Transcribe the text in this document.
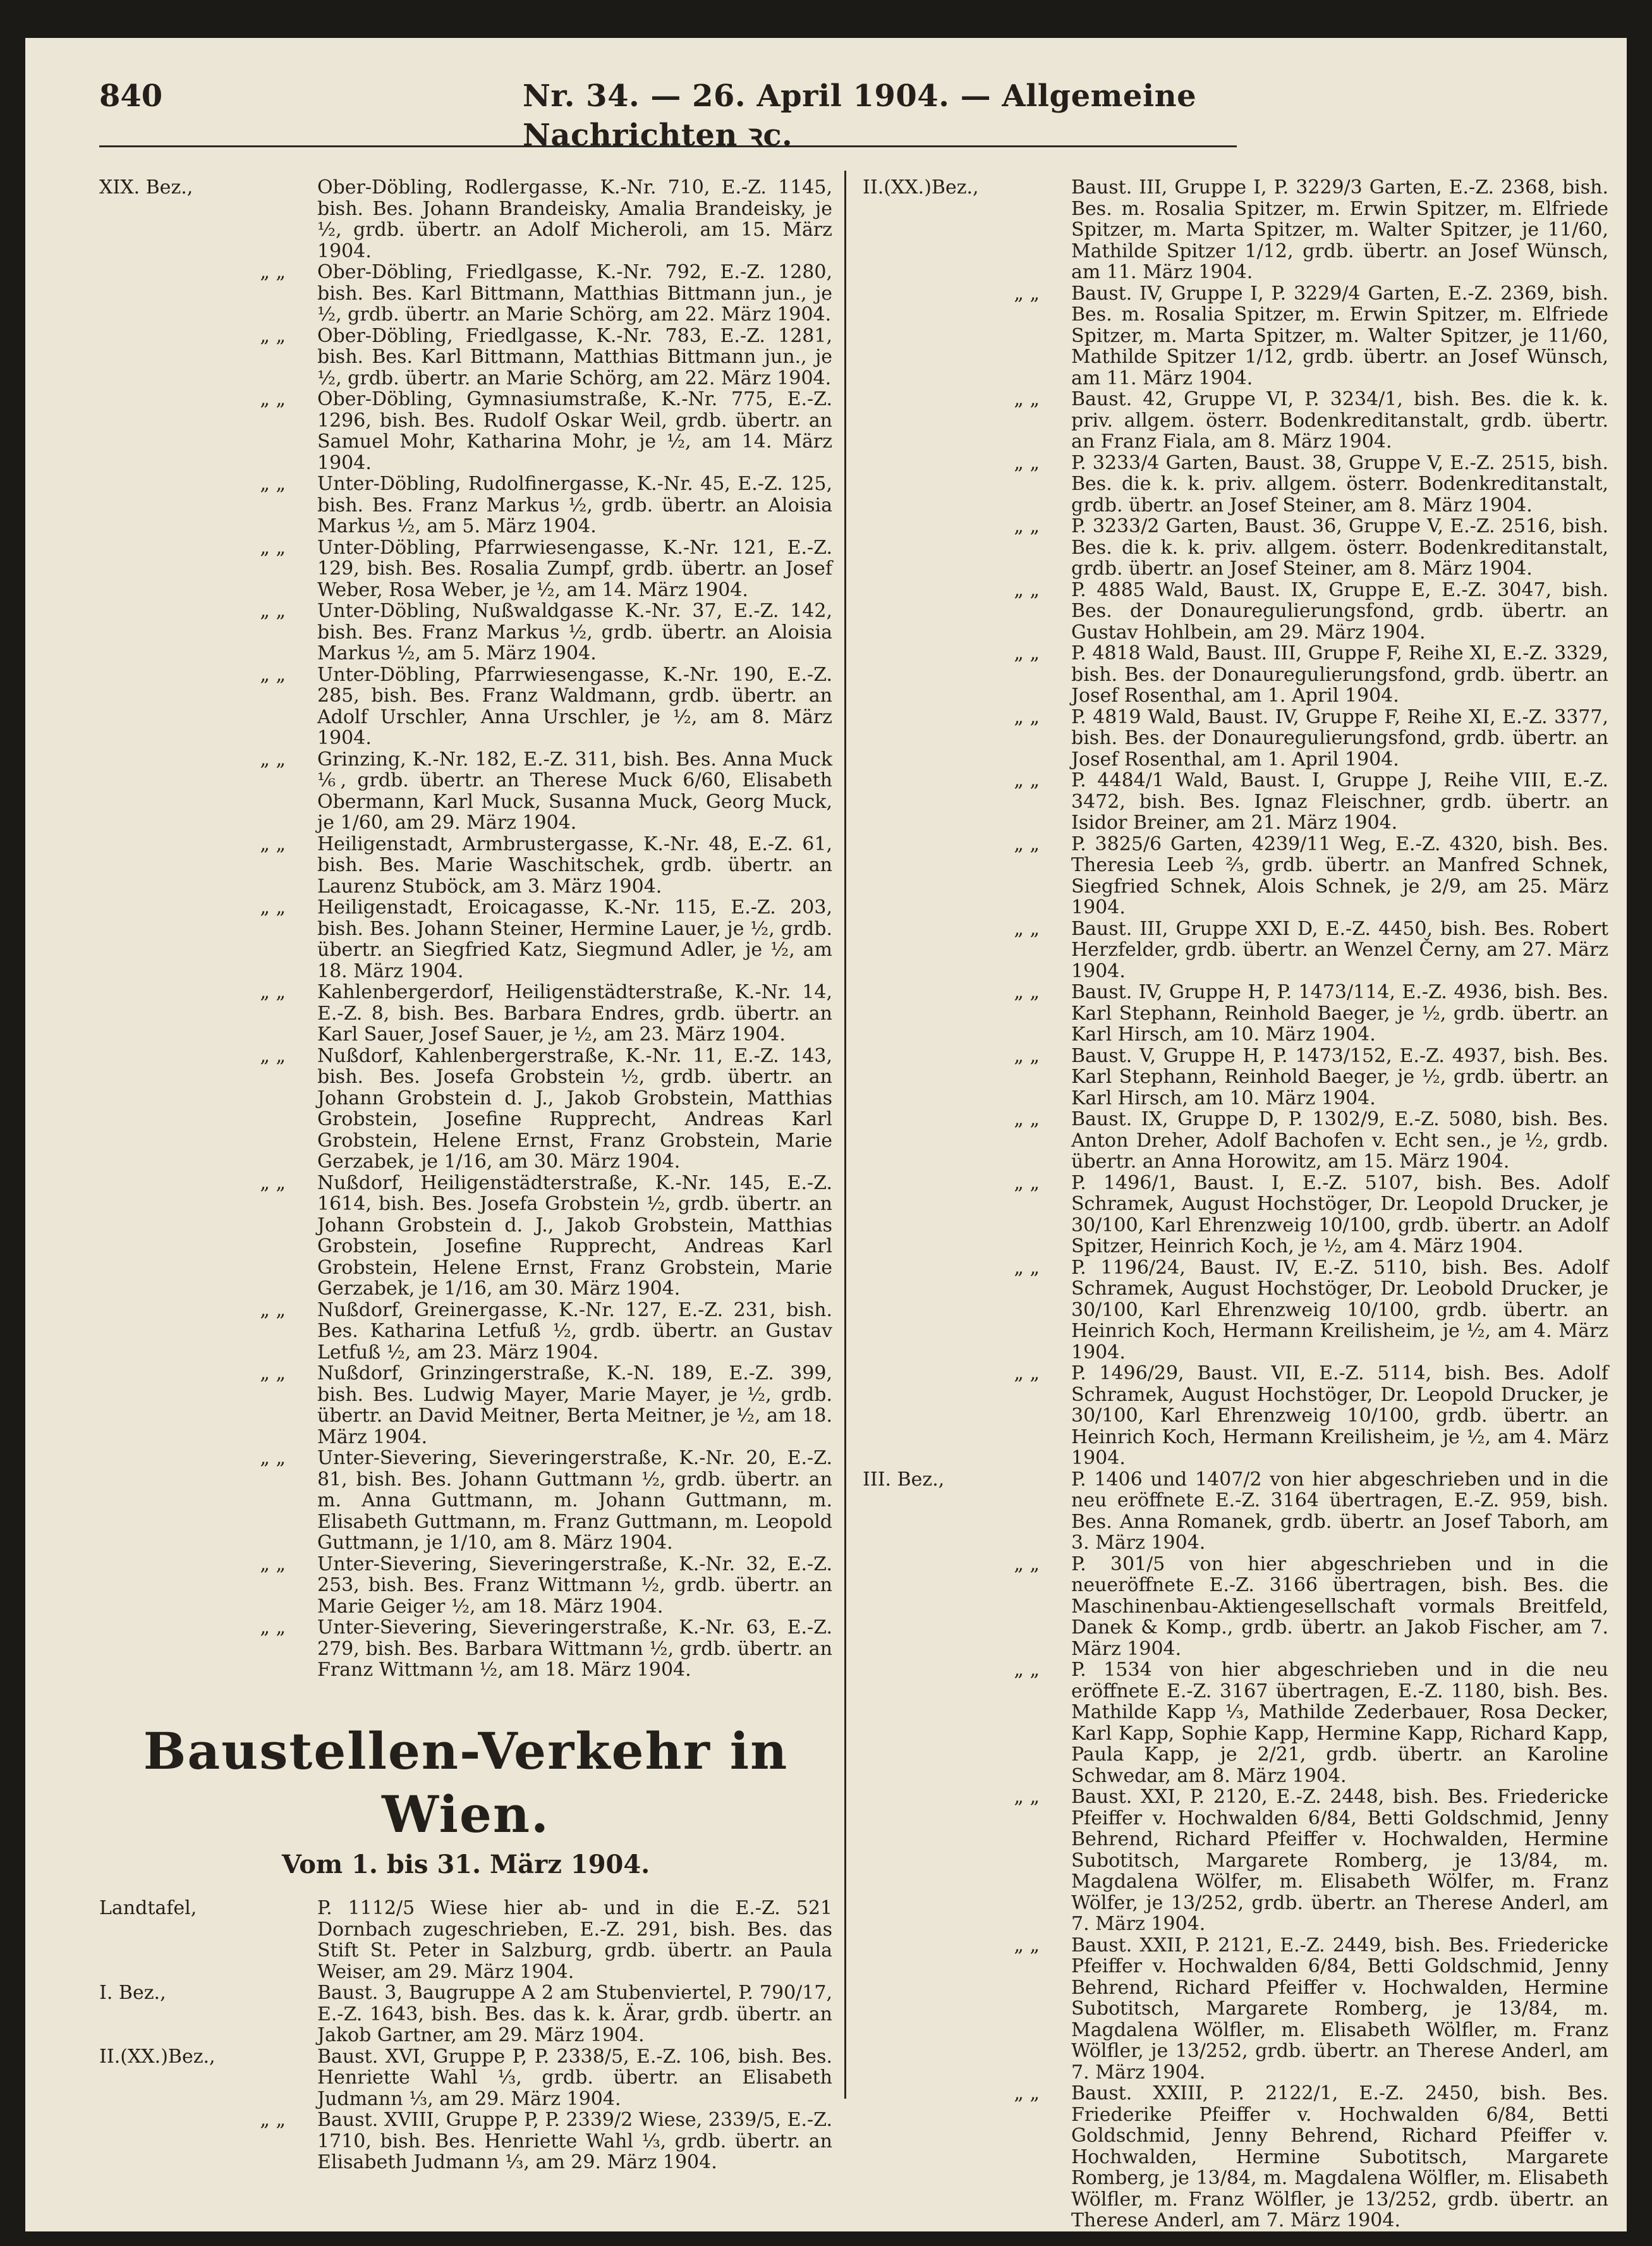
840	Nr. 34. — 26. April 1904. — Allgemeine Nachrichten ꝛc.

XIX. Bez.,	Ober-Döbling, Rodlergasse, K.-Nr. 710, E.-Z. 1145, bish. Bes. Johann Brandeisky, Amalia Brandeisky, je ½, grdb. übertr. an Adolf Micheroli, am 15. März 1904.

„ „	Ober-Döbling, Friedlgasse, K.-Nr. 792, E.-Z. 1280, bish. Bes. Karl Bittmann, Matthias Bittmann jun., je ½, grdb. übertr. an Marie Schörg, am 22. März 1904.

„ „	Ober-Döbling, Friedlgasse, K.-Nr. 783, E.-Z. 1281, bish. Bes. Karl Bittmann, Matthias Bittmann jun., je ½, grdb. übertr. an Marie Schörg, am 22. März 1904.

„ „	Ober-Döbling, Gymnasiumstraße, K.-Nr. 775, E.-Z. 1296, bish. Bes. Rudolf Oskar Weil, grdb. übertr. an Samuel Mohr, Katharina Mohr, je ½, am 14. März 1904.

„ „	Unter-Döbling, Rudolfinergasse, K.-Nr. 45, E.-Z. 125, bish. Bes. Franz Markus ½, grdb. übertr. an Aloisia Markus ½, am 5. März 1904.

„ „	Unter-Döbling, Pfarrwiesengasse, K.-Nr. 121, E.-Z. 129, bish. Bes. Rosalia Zumpf, grdb. übertr. an Josef Weber, Rosa Weber, je ½, am 14. März 1904.

„ „	Unter-Döbling, Nußwaldgasse K.-Nr. 37, E.-Z. 142, bish. Bes. Franz Markus ½, grdb. übertr. an Aloisia Markus ½, am 5. März 1904.

„ „	Unter-Döbling, Pfarrwiesengasse, K.-Nr. 190, E.-Z. 285, bish. Bes. Franz Waldmann, grdb. übertr. an Adolf Urschler, Anna Urschler, je ½, am 8. März 1904.

„ „	Grinzing, K.-Nr. 182, E.-Z. 311, bish. Bes. Anna Muck ⅙, grdb. übertr. an Therese Muck 6/60, Elisabeth Obermann, Karl Muck, Susanna Muck, Georg Muck, je 1/60, am 29. März 1904.

„ „	Heiligenstadt, Armbrustergasse, K.-Nr. 48, E.-Z. 61, bish. Bes. Marie Waschitschek, grdb. übertr. an Laurenz Stuböck, am 3. März 1904.

„ „	Heiligenstadt, Eroicagasse, K.-Nr. 115, E.-Z. 203, bish. Bes. Johann Steiner, Hermine Lauer, je ½, grdb. übertr. an Siegfried Katz, Siegmund Adler, je ½, am 18. März 1904.

„ „	Kahlenbergerdorf, Heiligenstädterstraße, K.-Nr. 14, E.-Z. 8, bish. Bes. Barbara Endres, grdb. übertr. an Karl Sauer, Josef Sauer, je ½, am 23. März 1904.

„ „	Nußdorf, Kahlenbergerstraße, K.-Nr. 11, E.-Z. 143, bish. Bes. Josefa Grobstein ½, grdb. übertr. an Johann Grobstein d. J., Jakob Grobstein, Matthias Grobstein, Josefine Rupprecht, Andreas Karl Grobstein, Helene Ernst, Franz Grobstein, Marie Gerzabek, je 1/16, am 30. März 1904.

„ „	Nußdorf, Heiligenstädterstraße, K.-Nr. 145, E.-Z. 1614, bish. Bes. Josefa Grobstein ½, grdb. übertr. an Johann Grobstein d. J., Jakob Grobstein, Matthias Grobstein, Josefine Rupprecht, Andreas Karl Grobstein, Helene Ernst, Franz Grobstein, Marie Gerzabek, je 1/16, am 30. März 1904.

„ „	Nußdorf, Greinergasse, K.-Nr. 127, E.-Z. 231, bish. Bes. Katharina Letfuß ½, grdb. übertr. an Gustav Letfuß ½, am 23. März 1904.

„ „	Nußdorf, Grinzingerstraße, K.-N. 189, E.-Z. 399, bish. Bes. Ludwig Mayer, Marie Mayer, je ½, grdb. übertr. an David Meitner, Berta Meitner, je ½, am 18. März 1904.

„ „	Unter-Sievering, Sieveringerstraße, K.-Nr. 20, E.-Z. 81, bish. Bes. Johann Guttmann ½, grdb. übertr. an m. Anna Guttmann, m. Johann Guttmann, m. Elisabeth Guttmann, m. Franz Guttmann, m. Leopold Guttmann, je 1/10, am 8. März 1904.

„ „	Unter-Sievering, Sieveringerstraße, K.-Nr. 32, E.-Z. 253, bish. Bes. Franz Wittmann ½, grdb. übertr. an Marie Geiger ½, am 18. März 1904.

„ „	Unter-Sievering, Sieveringerstraße, K.-Nr. 63, E.-Z. 279, bish. Bes. Barbara Wittmann ½, grdb. übertr. an Franz Wittmann ½, am 18. März 1904.

Baustellen-Verkehr in Wien.
Vom 1. bis 31. März 1904.

Landtafel,	P. 1112/5 Wiese hier ab- und in die E.-Z. 521 Dornbach zugeschrieben, E.-Z. 291, bish. Bes. das Stift St. Peter in Salzburg, grdb. übertr. an Paula Weiser, am 29. März 1904.

I. Bez.,	Baust. 3, Baugruppe A 2 am Stubenviertel, P. 790/17, E.-Z. 1643, bish. Bes. das k. k. Ärar, grdb. übertr. an Jakob Gartner, am 29. März 1904.

II.(XX.)Bez.,	Baust. XVI, Gruppe P, P. 2338/5, E.-Z. 106, bish. Bes. Henriette Wahl ⅓, grdb. übertr. an Elisabeth Judmann ⅓, am 29. März 1904.

„ „	Baust. XVIII, Gruppe P, P. 2339/2 Wiese, 2339/5, E.-Z. 1710, bish. Bes. Henriette Wahl ⅓, grdb. übertr. an Elisabeth Judmann ⅓, am 29. März 1904.

II.(XX.)Bez.,	Baust. III, Gruppe I, P. 3229/3 Garten, E.-Z. 2368, bish. Bes. m. Rosalia Spitzer, m. Erwin Spitzer, m. Elfriede Spitzer, m. Marta Spitzer, m. Walter Spitzer, je 11/60, Mathilde Spitzer 1/12, grdb. übertr. an Josef Wünsch, am 11. März 1904.

„ „	Baust. IV, Gruppe I, P. 3229/4 Garten, E.-Z. 2369, bish. Bes. m. Rosalia Spitzer, m. Erwin Spitzer, m. Elfriede Spitzer, m. Marta Spitzer, m. Walter Spitzer, je 11/60, Mathilde Spitzer 1/12, grdb. übertr. an Josef Wünsch, am 11. März 1904.

„ „	Baust. 42, Gruppe VI, P. 3234/1, bish. Bes. die k. k. priv. allgem. österr. Bodenkreditanstalt, grdb. übertr. an Franz Fiala, am 8. März 1904.

„ „	P. 3233/4 Garten, Baust. 38, Gruppe V, E.-Z. 2515, bish. Bes. die k. k. priv. allgem. österr. Bodenkreditanstalt, grdb. übertr. an Josef Steiner, am 8. März 1904.

„ „	P. 3233/2 Garten, Baust. 36, Gruppe V, E.-Z. 2516, bish. Bes. die k. k. priv. allgem. österr. Bodenkreditanstalt, grdb. übertr. an Josef Steiner, am 8. März 1904.

„ „	P. 4885 Wald, Baust. IX, Gruppe E, E.-Z. 3047, bish. Bes. der Donauregulierungsfond, grdb. übertr. an Gustav Hohlbein, am 29. März 1904.

„ „	P. 4818 Wald, Baust. III, Gruppe F, Reihe XI, E.-Z. 3329, bish. Bes. der Donauregulierungsfond, grdb. übertr. an Josef Rosenthal, am 1. April 1904.

„ „	P. 4819 Wald, Baust. IV, Gruppe F, Reihe XI, E.-Z. 3377, bish. Bes. der Donauregulierungsfond, grdb. übertr. an Josef Rosenthal, am 1. April 1904.

„ „	P. 4484/1 Wald, Baust. I, Gruppe J, Reihe VIII, E.-Z. 3472, bish. Bes. Ignaz Fleischner, grdb. übertr. an Isidor Breiner, am 21. März 1904.

„ „	P. 3825/6 Garten, 4239/11 Weg, E.-Z. 4320, bish. Bes. Theresia Leeb ⅔, grdb. übertr. an Manfred Schnek, Siegfried Schnek, Alois Schnek, je 2/9, am 25. März 1904.

„ „	Baust. III, Gruppe XXI D, E.-Z. 4450, bish. Bes. Robert Herzfelder, grdb. übertr. an Wenzel Černy, am 27. März 1904.

„ „	Baust. IV, Gruppe H, P. 1473/114, E.-Z. 4936, bish. Bes. Karl Stephann, Reinhold Baeger, je ½, grdb. übertr. an Karl Hirsch, am 10. März 1904.

„ „	Baust. V, Gruppe H, P. 1473/152, E.-Z. 4937, bish. Bes. Karl Stephann, Reinhold Baeger, je ½, grdb. übertr. an Karl Hirsch, am 10. März 1904.

„ „	Baust. IX, Gruppe D, P. 1302/9, E.-Z. 5080, bish. Bes. Anton Dreher, Adolf Bachofen v. Echt sen., je ½, grdb. übertr. an Anna Horowitz, am 15. März 1904.

„ „	P. 1496/1, Baust. I, E.-Z. 5107, bish. Bes. Adolf Schramek, August Hochstöger, Dr. Leopold Drucker, je 30/100, Karl Ehrenzweig 10/100, grdb. übertr. an Adolf Spitzer, Heinrich Koch, je ½, am 4. März 1904.

„ „	P. 1196/24, Baust. IV, E.-Z. 5110, bish. Bes. Adolf Schramek, August Hochstöger, Dr. Leobold Drucker, je 30/100, Karl Ehrenzweig 10/100, grdb. übertr. an Heinrich Koch, Hermann Kreilisheim, je ½, am 4. März 1904.

„ „	P. 1496/29, Baust. VII, E.-Z. 5114, bish. Bes. Adolf Schramek, August Hochstöger, Dr. Leopold Drucker, je 30/100, Karl Ehrenzweig 10/100, grdb. übertr. an Heinrich Koch, Hermann Kreilisheim, je ½, am 4. März 1904.

III. Bez.,	P. 1406 und 1407/2 von hier abgeschrieben und in die neu eröffnete E.-Z. 3164 übertragen, E.-Z. 959, bish. Bes. Anna Romanek, grdb. übertr. an Josef Taborh, am 3. März 1904.

„ „	P. 301/5 von hier abgeschrieben und in die neueröffnete E.-Z. 3166 übertragen, bish. Bes. die Maschinenbau-Aktiengesellschaft vormals Breitfeld, Danek & Komp., grdb. übertr. an Jakob Fischer, am 7. März 1904.

„ „	P. 1534 von hier abgeschrieben und in die neu eröffnete E.-Z. 3167 übertragen, E.-Z. 1180, bish. Bes. Mathilde Kapp ⅓, Mathilde Zederbauer, Rosa Decker, Karl Kapp, Sophie Kapp, Hermine Kapp, Richard Kapp, Paula Kapp, je 2/21, grdb. übertr. an Karoline Schwedar, am 8. März 1904.

„ „	Baust. XXI, P. 2120, E.-Z. 2448, bish. Bes. Friedericke Pfeiffer v. Hochwalden 6/84, Betti Goldschmid, Jenny Behrend, Richard Pfeiffer v. Hochwalden, Hermine Subotitsch, Margarete Romberg, je 13/84, m. Magdalena Wölfer, m. Elisabeth Wölfer, m. Franz Wölfer, je 13/252, grdb. übertr. an Therese Anderl, am 7. März 1904.

„ „	Baust. XXII, P. 2121, E.-Z. 2449, bish. Bes. Friedericke Pfeiffer v. Hochwalden 6/84, Betti Goldschmid, Jenny Behrend, Richard Pfeiffer v. Hochwalden, Hermine Subotitsch, Margarete Romberg, je 13/84, m. Magdalena Wölfler, m. Elisabeth Wölfler, m. Franz Wölfler, je 13/252, grdb. übertr. an Therese Anderl, am 7. März 1904.

„ „	Baust. XXIII, P. 2122/1, E.-Z. 2450, bish. Bes. Friederike Pfeiffer v. Hochwalden 6/84, Betti Goldschmid, Jenny Behrend, Richard Pfeiffer v. Hochwalden, Hermine Subotitsch, Margarete Romberg, je 13/84, m. Magdalena Wölfler, m. Elisabeth Wölfler, m. Franz Wölfler, je 13/252, grdb. übertr. an Therese Anderl, am 7. März 1904.
